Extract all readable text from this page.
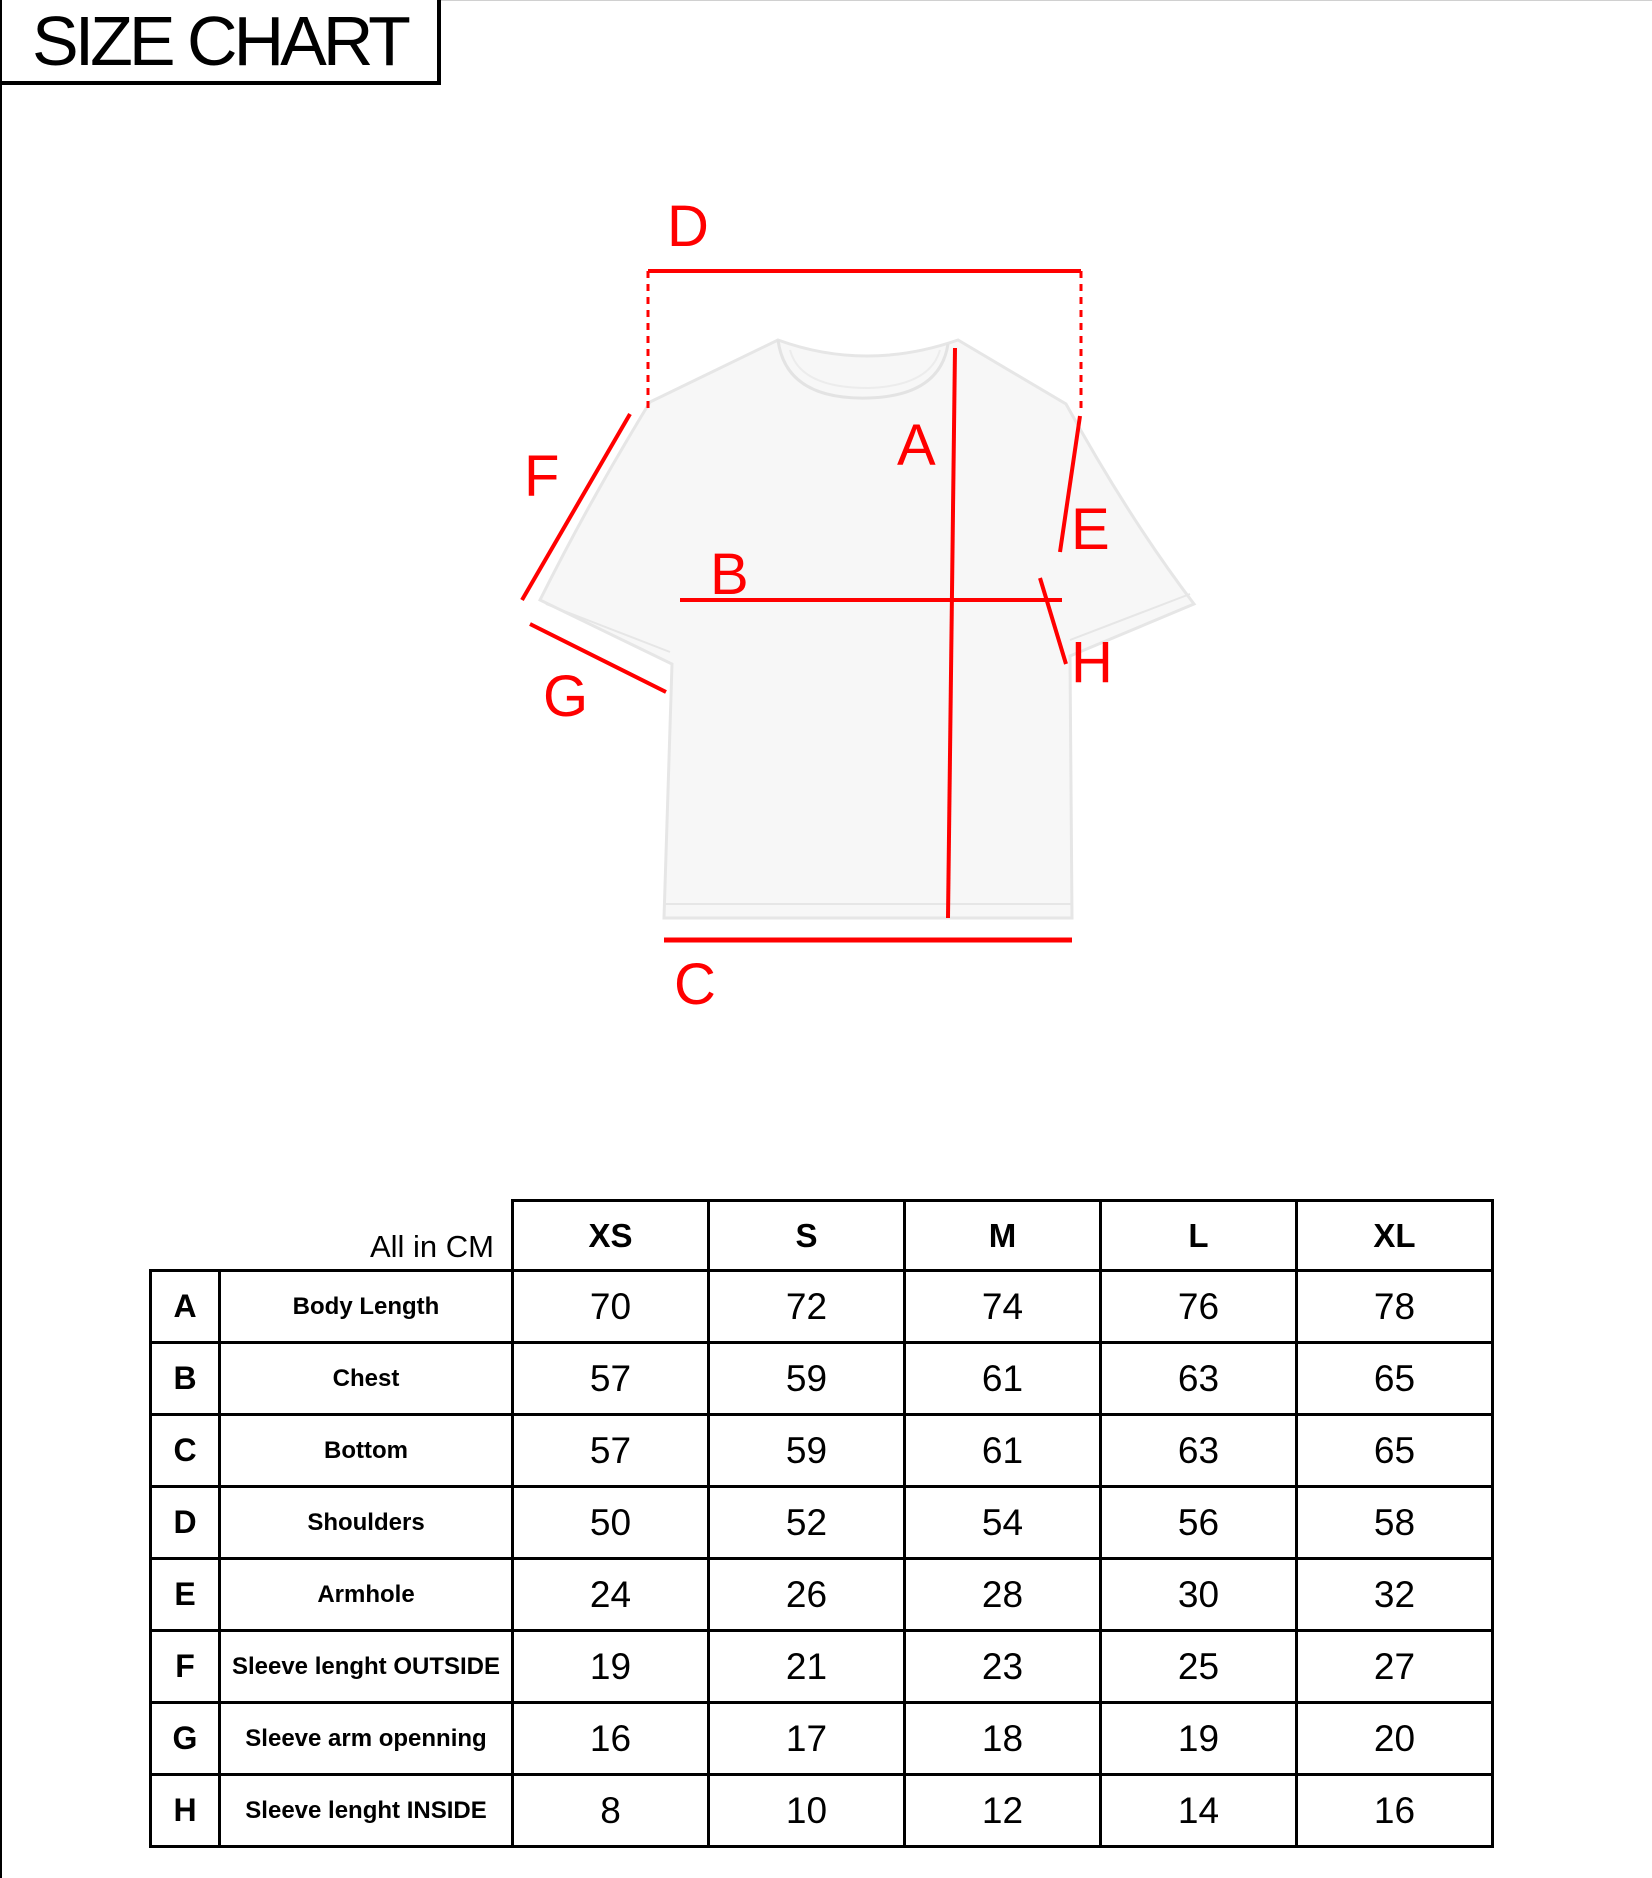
SIZE CHART
A
B
C
D
E
F
G
H
All in CM
		XS	S	M	L	XL
A	Body Length	70	72	74	76	78
B	Chest	57	59	61	63	65
C	Bottom	57	59	61	63	65
D	Shoulders	50	52	54	56	58
E	Armhole	24	26	28	30	32
F	Sleeve lenght OUTSIDE	19	21	23	25	27
G	Sleeve arm openning	16	17	18	19	20
H	Sleeve lenght INSIDE	8	10	12	14	16
